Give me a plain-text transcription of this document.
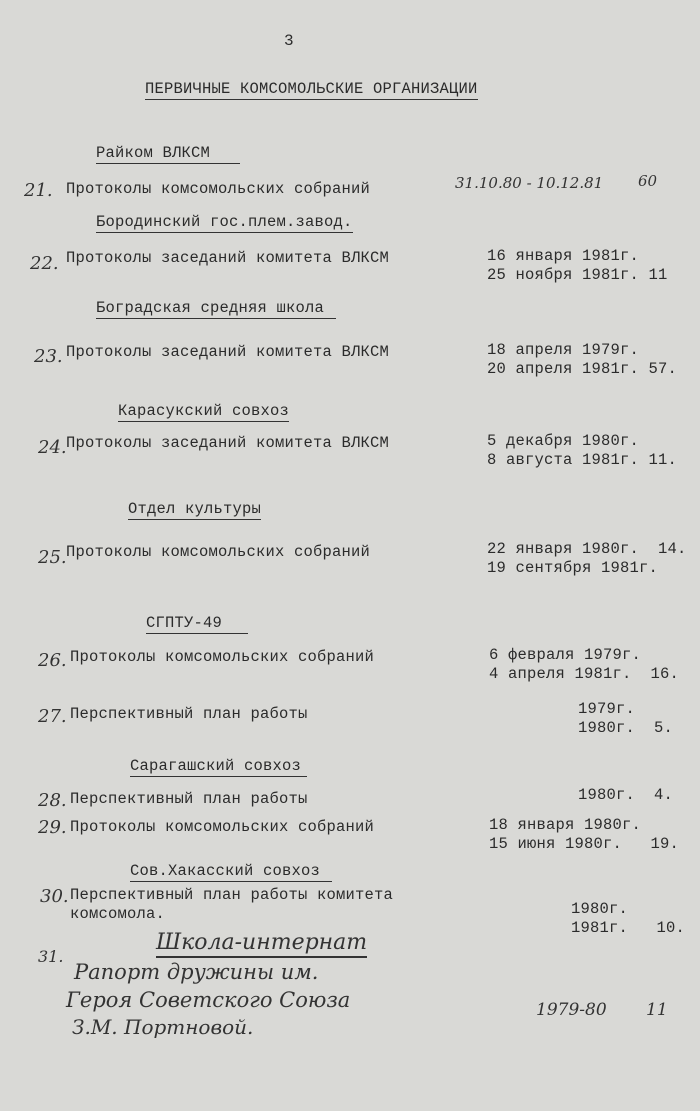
3
ПЕРВИЧНЫЕ КОМСОМОЛЬСКИЕ ОРГАНИЗАЦИИ
Райком ВЛКСМ
21. Протоколы комсомольских собраний	31.10.80 - 10.12.81 60
Бородинский гос.плем.завод.
22. Протоколы заседаний комитета ВЛКСМ	16 января 1981г.
25 ноября 1981г. 11
Боградская средняя школа
23. Протоколы заседаний комитета ВЛКСМ	18 апреля 1979г.
20 апреля 1981г. 57.
Карасукский совхоз
24. Протоколы заседаний комитета ВЛКСМ	5 декабря 1980г.
8 августа 1981г. 11.
Отдел культуры
25. Протоколы комсомольских собраний	22 января 1980г.  14.
19 сентября 1981г.
СГПТУ-49
26. Протоколы комсомольских собраний	6 февраля 1979г.
4 апреля 1981г.  16.
27. Перспективный план работы	1979г.
1980г.  5.
Сарагашский совхоз
28. Перспективный план работы	1980г.  4.
29. Протоколы комсомольских собраний	18 января 1980г.
15 июня 1980г.   19.
Сов.Хакасский совхоз
30. Перспективный план работы комитета
комсомола.	1980г.
1981г.   10.
31.
Школа-интернат
Рапорт дружины им.
Героя Советского Союза
З.М. Портновой.
1979-80 11
